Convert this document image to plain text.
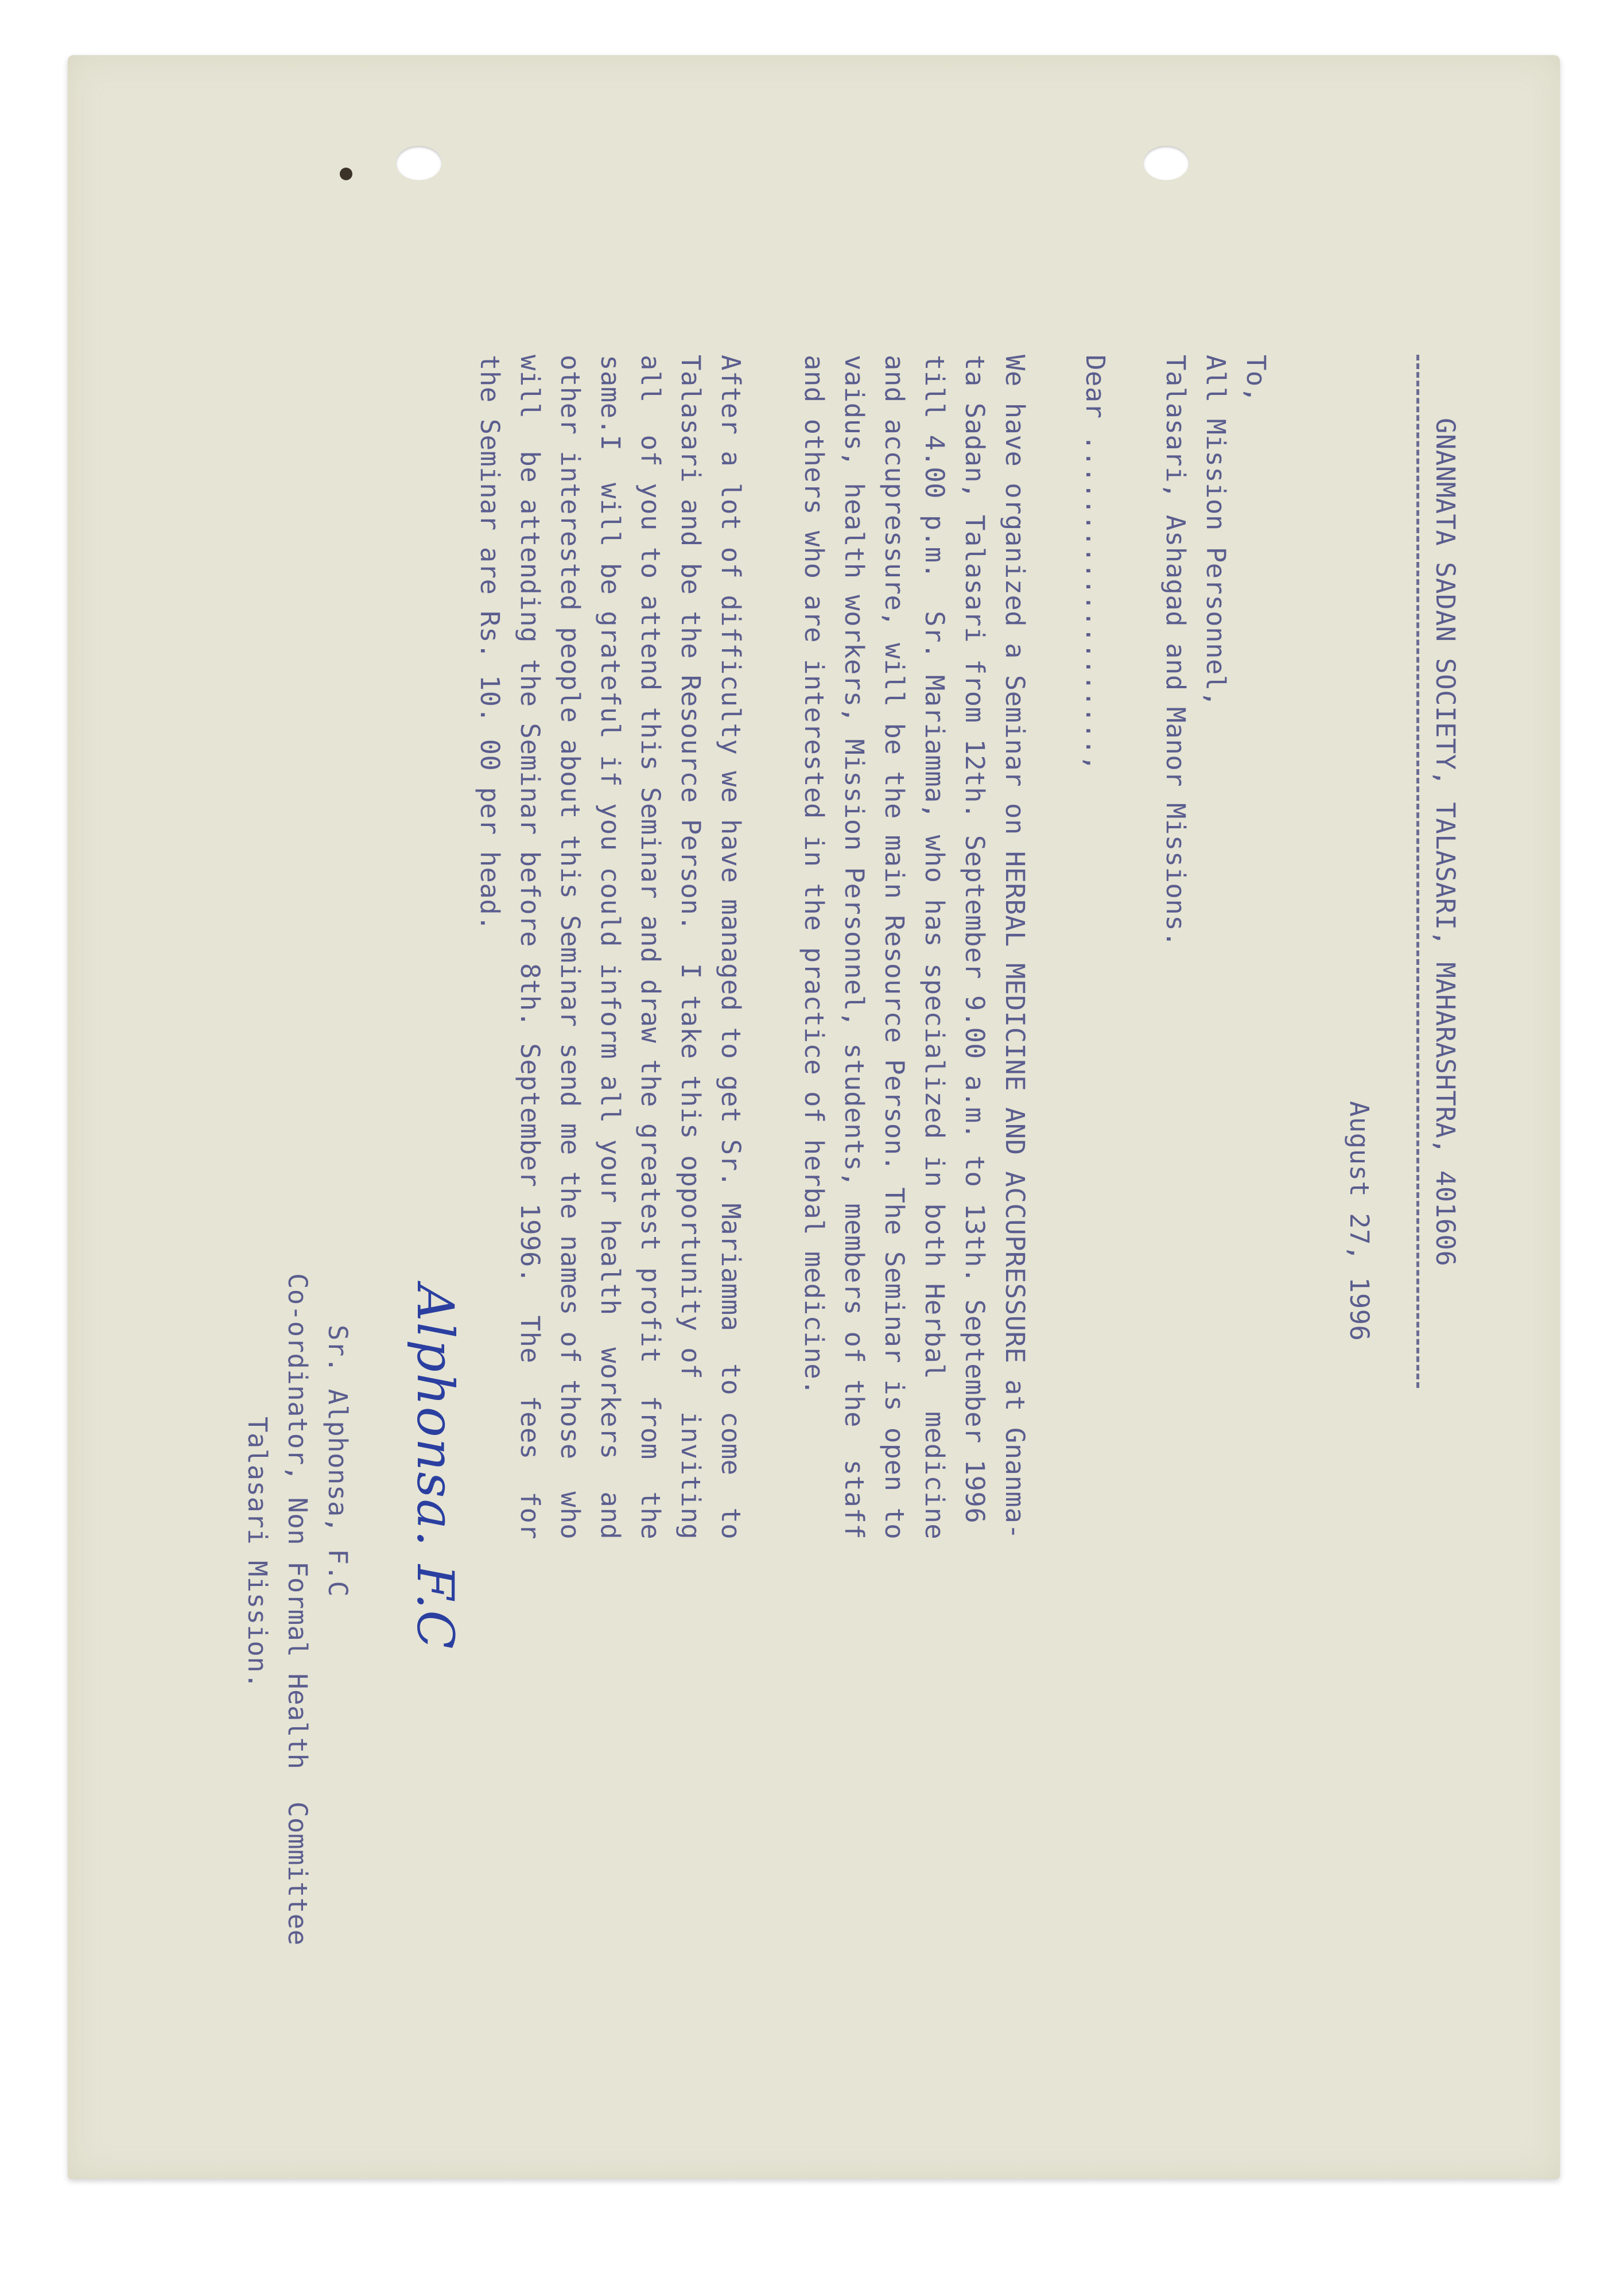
GNANMATA SADAN SOCIETY, TALASARI, MAHARASHTRA, 401606
August 27, 1996
To,
All Mission Personnel,
Talasari, Ashagad and Manor Missions.
Dear ....................,
We have organized a Seminar on HERBAL MEDICINE AND ACCUPRESSURE at Gnanma-
ta Sadan, Talasari from 12th. September 9.00 a.m. to 13th. September 1996
till 4.00 p.m.  Sr. Mariamma, who has specialized in both Herbal  medicine
and accupressure, will be the main Resource Person. The Seminar is open to
vaidus, health workers, Mission Personnel, students, members of the  staff
and others who are interested in the practice of herbal medicine.
After a lot of difficulty we have managed to get Sr. Mariamma  to come  to
Talasari and be the Resource Person.  I take this opportunity of  inviting
all  of you to attend this Seminar and draw the greatest profit  from  the
same.I  will be grateful if you could inform all your health  workers  and
other interested people about this Seminar send me the names of those  who
will  be attending the Seminar before 8th. September 1996.  The  fees  for
the Seminar are Rs. 10. 00 per head.
Alphonsa. F.C
Sr. Alphonsa, F.C
Co-ordinator, Non Formal Health  Committee
Talasari Mission.
